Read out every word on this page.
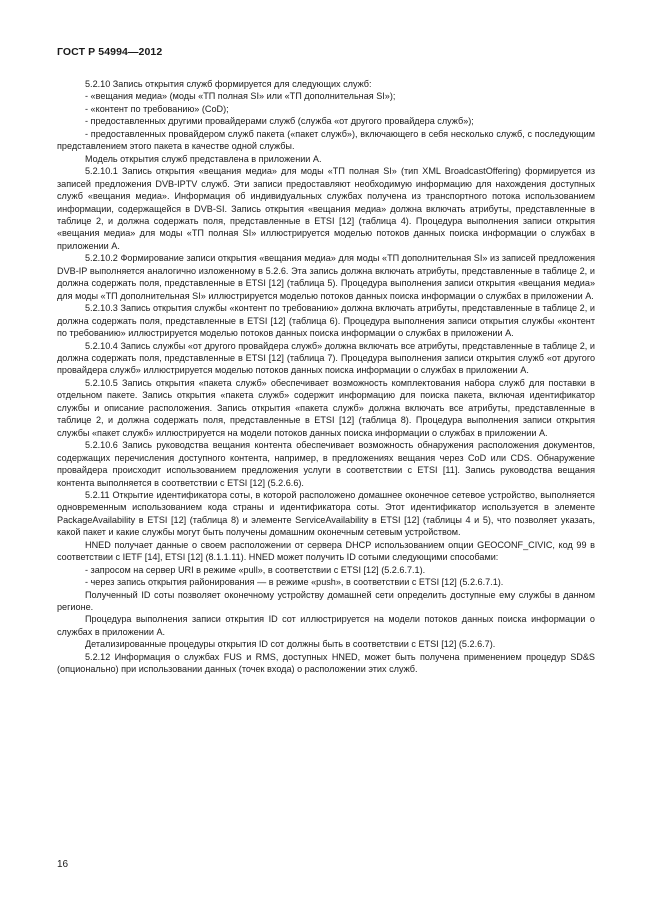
ГОСТ Р 54994—2012

5.2.10 Запись открытия служб формируется для следующих служб:

- «вещания медиа» (моды «ТП полная SI» или «ТП дополнительная SI»);

- «контент по требованию» (CoD);

- предоставленных другими провайдерами служб (служба «от другого провайдера служб»);

- предоставленных провайдером служб пакета («пакет служб»), включающего в себя несколько служб, с последующим представлением этого пакета в качестве одной службы.

Модель открытия служб представлена в приложении А.

5.2.10.1 Запись открытия «вещания медиа» для моды «ТП полная SI» (тип XML BroadcastOffering) формируется из записей предложения DVB-IPTV служб. Эти записи предоставляют необходимую информацию для нахождения доступных служб «вещания медиа». Информация об индивидуальных службах получена из транспортного потока использованием информации, содержащейся в DVB-SI. Запись открытия «вещания медиа» должна включать атрибуты, представленные в таблице 2, и должна содержать поля, представленные в ETSI [12] (таблица 4). Процедура выполнения записи открытия «вещания медиа» для моды «ТП полная SI» иллюстрируется моделью потоков данных поиска информации о службах в приложении А.

5.2.10.2 Формирование записи открытия «вещания медиа» для моды «ТП дополнительная SI» из записей предложения DVB-IP выполняется аналогично изложенному в 5.2.6. Эта запись должна включать атрибуты, представленные в таблице 2, и должна содержать поля, представленные в ETSI [12] (таблица 5). Процедура выполнения записи открытия «вещания медиа» для моды «ТП дополнительная SI» иллюстрируется моделью потоков данных поиска информации о службах в приложении А.

5.2.10.3 Запись открытия службы «контент по требованию» должна включать атрибуты, представленные в таблице 2, и должна содержать поля, представленные в ETSI [12] (таблица 6). Процедура выполнения записи открытия службы «контент по требованию» иллюстрируется моделью потоков данных поиска информации о службах в приложении А.

5.2.10.4 Запись службы «от другого провайдера служб» должна включать все атрибуты, представленные в таблице 2, и должна содержать поля, представленные в ETSI [12] (таблица 7). Процедура выполнения записи открытия служб «от другого провайдера служб» иллюстрируется моделью потоков данных поиска информации о службах в приложении А.

5.2.10.5 Запись открытия «пакета служб» обеспечивает возможность комплектования набора служб для поставки в отдельном пакете. Запись открытия «пакета служб» содержит информацию для поиска пакета, включая идентификатор службы и описание расположения. Запись открытия «пакета служб» должна включать все атрибуты, представленные в таблице 2, и должна содержать поля, представленные в ETSI [12] (таблица 8). Процедура выполнения записи открытия службы «пакет служб» иллюстрируется на модели потоков данных поиска информации о службах в приложении А.

5.2.10.6 Запись руководства вещания контента обеспечивает возможность обнаружения расположения документов, содержащих перечисления доступного контента, например, в предложениях вещания через CoD или CDS. Обнаружение провайдера происходит использованием предложения услуги в соответствии с ETSI [11]. Запись руководства вещания контента выполняется в соответствии с ETSI [12] (5.2.6.6).

5.2.11 Открытие идентификатора соты, в которой расположено домашнее оконечное сетевое устройство, выполняется одновременным использованием кода страны и идентификатора соты. Этот идентификатор используется в элементе PackageAvailability в ETSI [12] (таблица 8) и элементе ServiceAvailability в ETSI [12] (таблицы 4 и 5), что позволяет указать, какой пакет и какие службы могут быть получены домашним оконечным сетевым устройством.

HNED получает данные о своем расположении от сервера DHCP использованием опции GEOCONF_CIVIC, код 99 в соответствии с IETF [14], ETSI [12] (8.1.1.11). HNED может получить ID сотыми следующими способами:

- запросом на сервер URI в режиме «pull», в соответствии с ETSI [12] (5.2.6.7.1).

- через запись открытия районирования — в режиме «push», в соответствии с ETSI [12] (5.2.6.7.1).

Полученный ID соты позволяет оконечному устройству домашней сети определить доступные ему службы в данном регионе.

Процедура выполнения записи открытия ID сот иллюстрируется на модели потоков данных поиска информации о службах в приложении А.

Детализированные процедуры открытия ID сот должны быть в соответствии с ETSI [12] (5.2.6.7).

5.2.12 Информация о службах FUS и RMS, доступных HNED, может быть получена применением процедур SD&S (опционально) при использовании данных (точек входа) о расположении этих служб.

16
